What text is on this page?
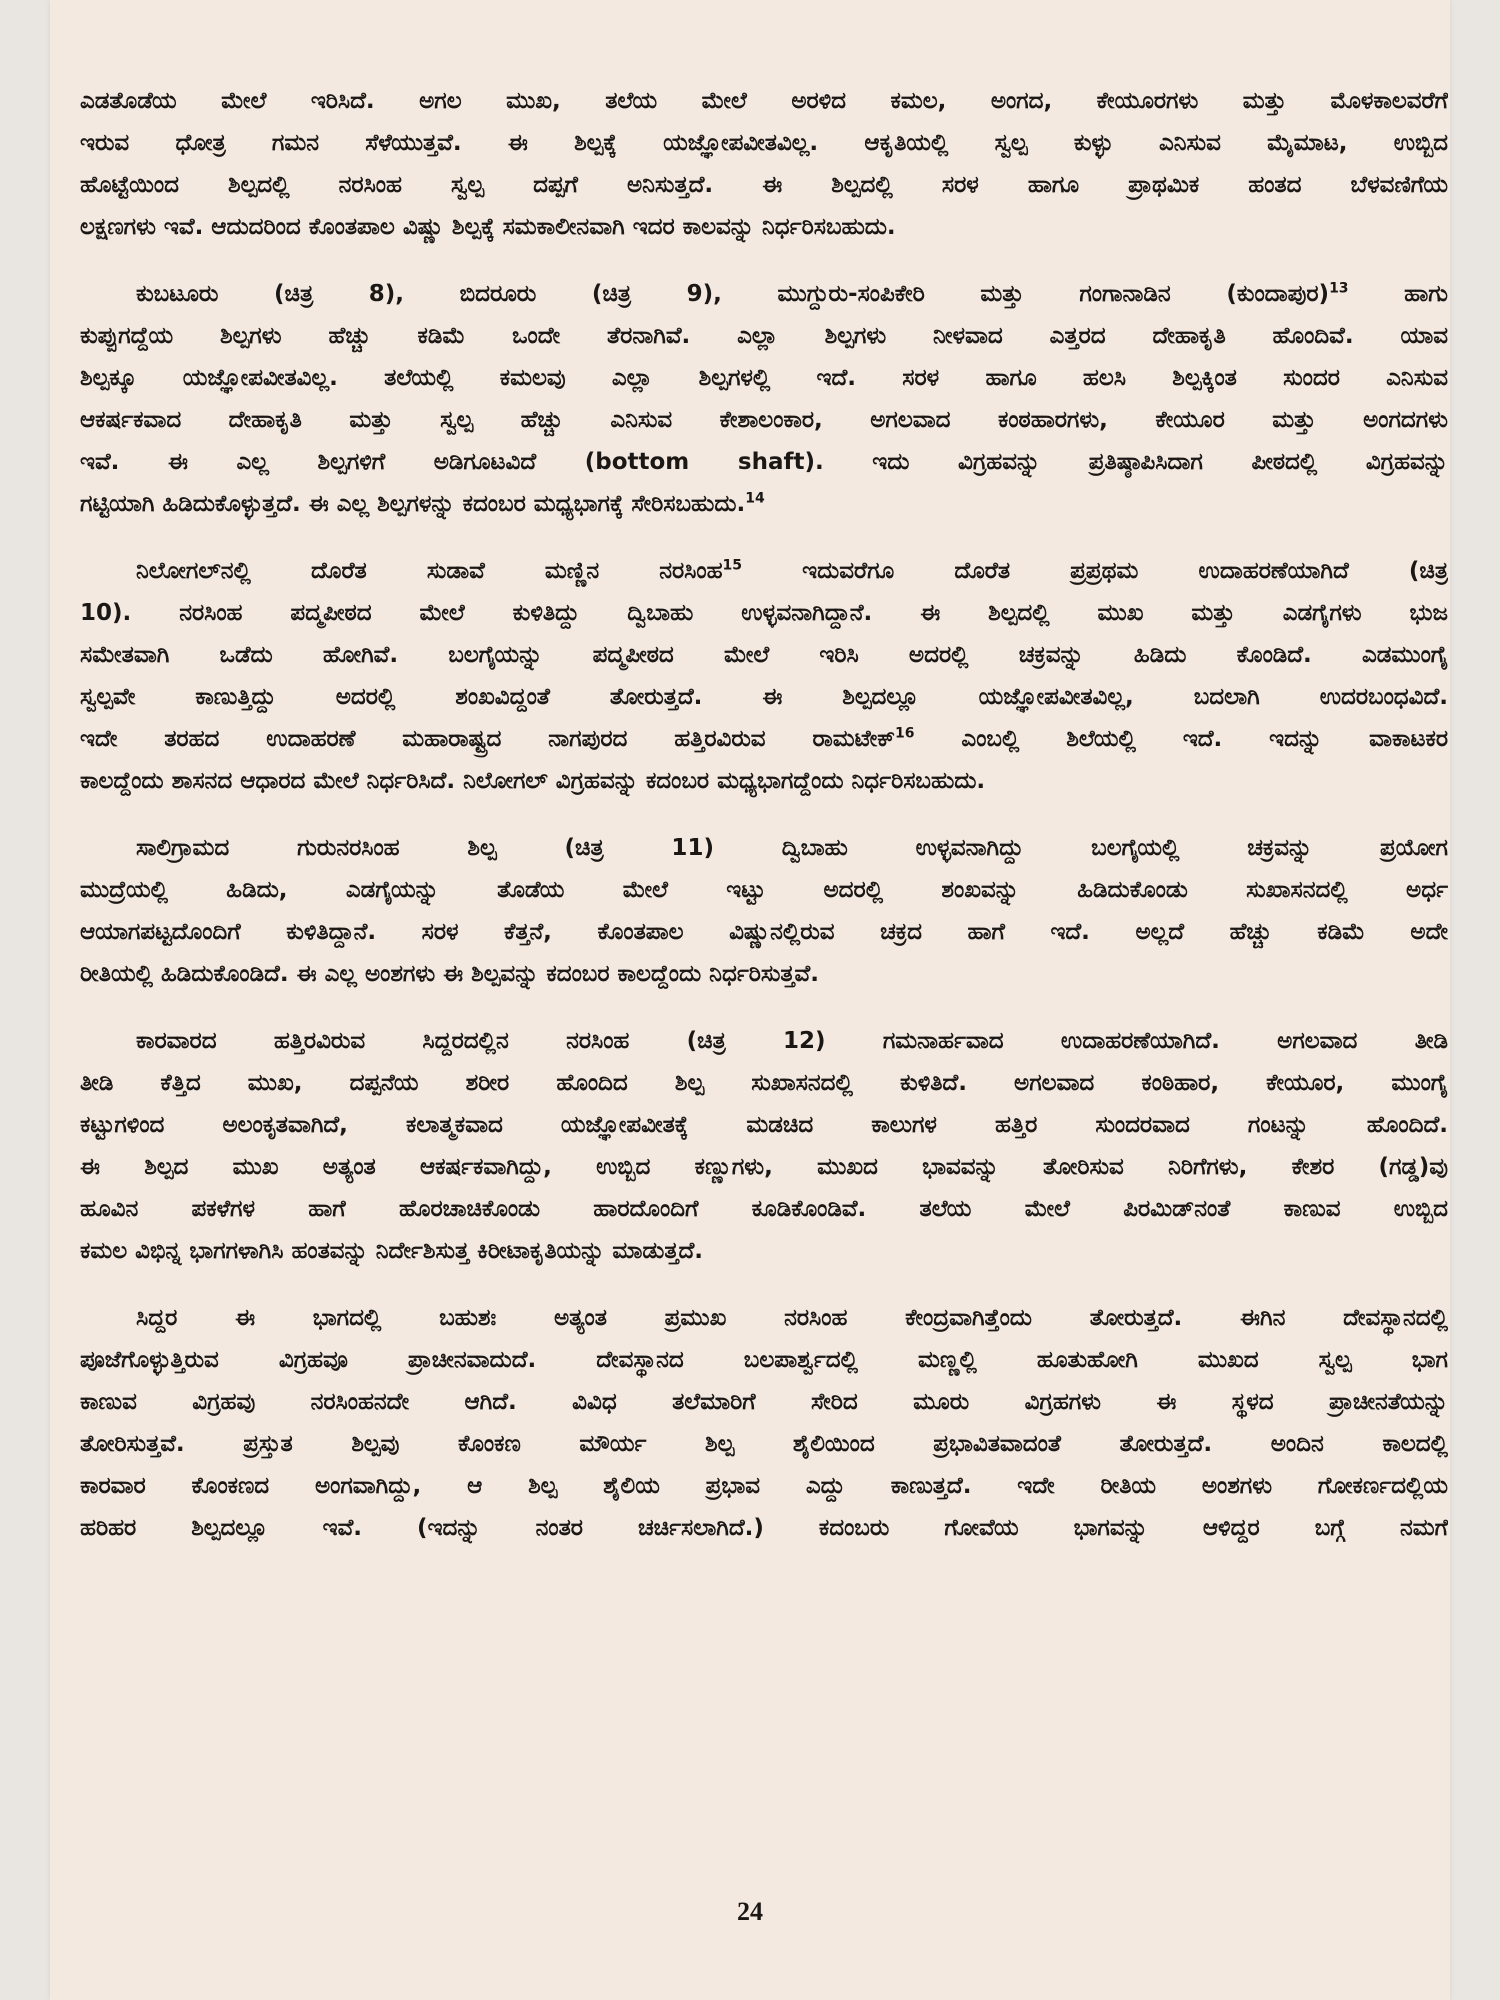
ಎಡತೊಡೆಯ ಮೇಲೆ ಇರಿಸಿದೆ. ಅಗಲ ಮುಖ, ತಲೆಯ ಮೇಲೆ ಅರಳಿದ ಕಮಲ, ಅಂಗದ, ಕೇಯೂರಗಳು ಮತ್ತು ಮೊಳಕಾಲವರೆಗೆ
ಇರುವ ಧೋತ್ರ ಗಮನ ಸೆಳೆಯುತ್ತವೆ. ಈ ಶಿಲ್ಪಕ್ಕೆ ಯಜ್ಞೋಪವೀತವಿಲ್ಲ. ಆಕೃತಿಯಲ್ಲಿ ಸ್ವಲ್ಪ ಕುಳ್ಳು ಎನಿಸುವ ಮೈಮಾಟ, ಉಬ್ಬಿದ
ಹೊಟ್ಟೆಯಿಂದ ಶಿಲ್ಪದಲ್ಲಿ ನರಸಿಂಹ ಸ್ವಲ್ಪ ದಪ್ಪಗೆ ಅನಿಸುತ್ತದೆ. ಈ ಶಿಲ್ಪದಲ್ಲಿ ಸರಳ ಹಾಗೂ ಪ್ರಾಥಮಿಕ ಹಂತದ ಬೆಳವಣಿಗೆಯ
ಲಕ್ಷಣಗಳು ಇವೆ. ಆದುದರಿಂದ ಕೊಂತಪಾಲ ವಿಷ್ಣು ಶಿಲ್ಪಕ್ಕೆ ಸಮಕಾಲೀನವಾಗಿ ಇದರ ಕಾಲವನ್ನು ನಿರ್ಧರಿಸಬಹುದು.
ಕುಬಟೂರು (ಚಿತ್ರ 8), ಬಿದರೂರು (ಚಿತ್ರ 9), ಮುಗ್ದುರು-ಸಂಪಿಕೇರಿ ಮತ್ತು ಗಂಗಾನಾಡಿನ (ಕುಂದಾಪುರ)$^{13}$ ಹಾಗು
ಕುಪ್ಪುಗದ್ದೆಯ ಶಿಲ್ಪಗಳು ಹೆಚ್ಚು ಕಡಿಮೆ ಒಂದೇ ತೆರನಾಗಿವೆ. ಎಲ್ಲಾ ಶಿಲ್ಪಗಳು ನೀಳವಾದ ಎತ್ತರದ ದೇಹಾಕೃತಿ ಹೊಂದಿವೆ. ಯಾವ
ಶಿಲ್ಪಕ್ಕೂ ಯಜ್ಞೋಪವೀತವಿಲ್ಲ. ತಲೆಯಲ್ಲಿ ಕಮಲವು ಎಲ್ಲಾ ಶಿಲ್ಪಗಳಲ್ಲಿ ಇದೆ. ಸರಳ ಹಾಗೂ ಹಲಸಿ ಶಿಲ್ಪಕ್ಕಿಂತ ಸುಂದರ ಎನಿಸುವ
ಆಕರ್ಷಕವಾದ ದೇಹಾಕೃತಿ ಮತ್ತು ಸ್ವಲ್ಪ ಹೆಚ್ಚು ಎನಿಸುವ ಕೇಶಾಲಂಕಾರ, ಅಗಲವಾದ ಕಂಠಹಾರಗಳು, ಕೇಯೂರ ಮತ್ತು ಅಂಗದಗಳು
ಇವೆ. ಈ ಎಲ್ಲ ಶಿಲ್ಪಗಳಿಗೆ ಅಡಿಗೂಟವಿದೆ (bottom shaft). ಇದು ವಿಗ್ರಹವನ್ನು ಪ್ರತಿಷ್ಠಾಪಿಸಿದಾಗ ಪೀಠದಲ್ಲಿ ವಿಗ್ರಹವನ್ನು
ಗಟ್ಟಿಯಾಗಿ ಹಿಡಿದುಕೊಳ್ಳುತ್ತದೆ. ಈ ಎಲ್ಲ ಶಿಲ್ಪಗಳನ್ನು ಕದಂಬರ ಮಧ್ಯಭಾಗಕ್ಕೆ ಸೇರಿಸಬಹುದು.$^{14}$
ನಿಲೋಗಲ್‌ನಲ್ಲಿ ದೊರೆತ ಸುಡಾವೆ ಮಣ್ಣಿನ ನರಸಿಂಹ$^{15}$ ಇದುವರೆಗೂ ದೊರೆತ ಪ್ರಪ್ರಥಮ ಉದಾಹರಣೆಯಾಗಿದೆ (ಚಿತ್ರ
10). ನರಸಿಂಹ ಪದ್ಮಪೀಠದ ಮೇಲೆ ಕುಳಿತಿದ್ದು ದ್ವಿಬಾಹು ಉಳ್ಳವನಾಗಿದ್ದಾನೆ. ಈ ಶಿಲ್ಪದಲ್ಲಿ ಮುಖ ಮತ್ತು ಎಡಗೈಗಳು ಭುಜ
ಸಮೇತವಾಗಿ ಒಡೆದು ಹೋಗಿವೆ. ಬಲಗೈಯನ್ನು ಪದ್ಮಪೀಠದ ಮೇಲೆ ಇರಿಸಿ ಅದರಲ್ಲಿ ಚಕ್ರವನ್ನು ಹಿಡಿದು ಕೊಂಡಿದೆ. ಎಡಮುಂಗೈ
ಸ್ವಲ್ಪವೇ ಕಾಣುತ್ತಿದ್ದು ಅದರಲ್ಲಿ ಶಂಖವಿದ್ದಂತೆ ತೋರುತ್ತದೆ. ಈ ಶಿಲ್ಪದಲ್ಲೂ ಯಜ್ಞೋಪವೀತವಿಲ್ಲ, ಬದಲಾಗಿ ಉದರಬಂಧವಿದೆ.
ಇದೇ ತರಹದ ಉದಾಹರಣೆ ಮಹಾರಾಷ್ಟ್ರದ ನಾಗಪುರದ ಹತ್ತಿರವಿರುವ ರಾಮಟೇಕ್$^{16}$ ಎಂಬಲ್ಲಿ ಶಿಲೆಯಲ್ಲಿ ಇದೆ. ಇದನ್ನು ವಾಕಾಟಕರ
ಕಾಲದ್ದೆಂದು ಶಾಸನದ ಆಧಾರದ ಮೇಲೆ ನಿರ್ಧರಿಸಿದೆ. ನಿಲೋಗಲ್ ವಿಗ್ರಹವನ್ನು ಕದಂಬರ ಮಧ್ಯಭಾಗದ್ದೆಂದು ನಿರ್ಧರಿಸಬಹುದು.
ಸಾಲಿಗ್ರಾಮದ ಗುರುನರಸಿಂಹ ಶಿಲ್ಪ (ಚಿತ್ರ 11) ದ್ವಿಬಾಹು ಉಳ್ಳವನಾಗಿದ್ದು ಬಲಗೈಯಲ್ಲಿ ಚಕ್ರವನ್ನು ಪ್ರಯೋಗ
ಮುದ್ರೆಯಲ್ಲಿ ಹಿಡಿದು, ಎಡಗೈಯನ್ನು ತೊಡೆಯ ಮೇಲೆ ಇಟ್ಟು ಅದರಲ್ಲಿ ಶಂಖವನ್ನು ಹಿಡಿದುಕೊಂಡು ಸುಖಾಸನದಲ್ಲಿ ಅರ್ಧ
ಆಯಾಗಪಟ್ಟದೊಂದಿಗೆ ಕುಳಿತಿದ್ದಾನೆ. ಸರಳ ಕೆತ್ತನೆ, ಕೊಂತಪಾಲ ವಿಷ್ಣುನಲ್ಲಿರುವ ಚಕ್ರದ ಹಾಗೆ ಇದೆ. ಅಲ್ಲದೆ ಹೆಚ್ಚು ಕಡಿಮೆ ಅದೇ
ರೀತಿಯಲ್ಲಿ ಹಿಡಿದುಕೊಂಡಿದೆ. ಈ ಎಲ್ಲ ಅಂಶಗಳು ಈ ಶಿಲ್ಪವನ್ನು ಕದಂಬರ ಕಾಲದ್ದೆಂದು ನಿರ್ಧರಿಸುತ್ತವೆ.
ಕಾರವಾರದ ಹತ್ತಿರವಿರುವ ಸಿದ್ದರದಲ್ಲಿನ ನರಸಿಂಹ (ಚಿತ್ರ 12) ಗಮನಾರ್ಹವಾದ ಉದಾಹರಣೆಯಾಗಿದೆ. ಅಗಲವಾದ ತೀಡಿ
ತೀಡಿ ಕೆತ್ತಿದ ಮುಖ, ದಪ್ಪನೆಯ ಶರೀರ ಹೊಂದಿದ ಶಿಲ್ಪ ಸುಖಾಸನದಲ್ಲಿ ಕುಳಿತಿದೆ. ಅಗಲವಾದ ಕಂಠಿಹಾರ, ಕೇಯೂರ, ಮುಂಗೈ
ಕಟ್ಟುಗಳಿಂದ ಅಲಂಕೃತವಾಗಿದೆ, ಕಲಾತ್ಮಕವಾದ ಯಜ್ಞೋಪವೀತಕ್ಕೆ ಮಡಚಿದ ಕಾಲುಗಳ ಹತ್ತಿರ ಸುಂದರವಾದ ಗಂಟನ್ನು ಹೊಂದಿದೆ.
ಈ ಶಿಲ್ಪದ ಮುಖ ಅತ್ಯಂತ ಆಕರ್ಷಕವಾಗಿದ್ದು, ಉಬ್ಬಿದ ಕಣ್ಣುಗಳು, ಮುಖದ ಭಾವವನ್ನು ತೋರಿಸುವ ನಿರಿಗೆಗಳು, ಕೇಶರ (ಗಡ್ಡ)ವು
ಹೂವಿನ ಪಕಳೆಗಳ ಹಾಗೆ ಹೊರಚಾಚಿಕೊಂಡು ಹಾರದೊಂದಿಗೆ ಕೂಡಿಕೊಂಡಿವೆ. ತಲೆಯ ಮೇಲೆ ಪಿರಮಿಡ್‌ನಂತೆ ಕಾಣುವ ಉಬ್ಬಿದ
ಕಮಲ ವಿಭಿನ್ನ ಭಾಗಗಳಾಗಿಸಿ ಹಂತವನ್ನು ನಿರ್ದೇಶಿಸುತ್ತ ಕಿರೀಟಾಕೃತಿಯನ್ನು ಮಾಡುತ್ತದೆ.
ಸಿದ್ದರ ಈ ಭಾಗದಲ್ಲಿ ಬಹುಶಃ ಅತ್ಯಂತ ಪ್ರಮುಖ ನರಸಿಂಹ ಕೇಂದ್ರವಾಗಿತ್ತೆಂದು ತೋರುತ್ತದೆ. ಈಗಿನ ದೇವಸ್ಥಾನದಲ್ಲಿ
ಪೂಜೆಗೊಳ್ಳುತ್ತಿರುವ ವಿಗ್ರಹವೂ ಪ್ರಾಚೀನವಾದುದೆ. ದೇವಸ್ಥಾನದ ಬಲಪಾರ್ಶ್ವದಲ್ಲಿ ಮಣ್ಣಲ್ಲಿ ಹೂತುಹೋಗಿ ಮುಖದ ಸ್ವಲ್ಪ ಭಾಗ
ಕಾಣುವ ವಿಗ್ರಹವು ನರಸಿಂಹನದೇ ಆಗಿದೆ. ವಿವಿಧ ತಲೆಮಾರಿಗೆ ಸೇರಿದ ಮೂರು ವಿಗ್ರಹಗಳು ಈ ಸ್ಥಳದ ಪ್ರಾಚೀನತೆಯನ್ನು
ತೋರಿಸುತ್ತವೆ. ಪ್ರಸ್ತುತ ಶಿಲ್ಪವು ಕೊಂಕಣ ಮೌರ್ಯ ಶಿಲ್ಪ ಶೈಲಿಯಿಂದ ಪ್ರಭಾವಿತವಾದಂತೆ ತೋರುತ್ತದೆ. ಅಂದಿನ ಕಾಲದಲ್ಲಿ
ಕಾರವಾರ ಕೊಂಕಣದ ಅಂಗವಾಗಿದ್ದು, ಆ ಶಿಲ್ಪ ಶೈಲಿಯ ಪ್ರಭಾವ ಎದ್ದು ಕಾಣುತ್ತದೆ. ಇದೇ ರೀತಿಯ ಅಂಶಗಳು ಗೋಕರ್ಣದಲ್ಲಿಯ
ಹರಿಹರ ಶಿಲ್ಪದಲ್ಲೂ ಇವೆ. (ಇದನ್ನು ನಂತರ ಚರ್ಚಿಸಲಾಗಿದೆ.) ಕದಂಬರು ಗೋವೆಯ ಭಾಗವನ್ನು ಆಳಿದ್ದರ ಬಗ್ಗೆ ನಮಗೆ
24
